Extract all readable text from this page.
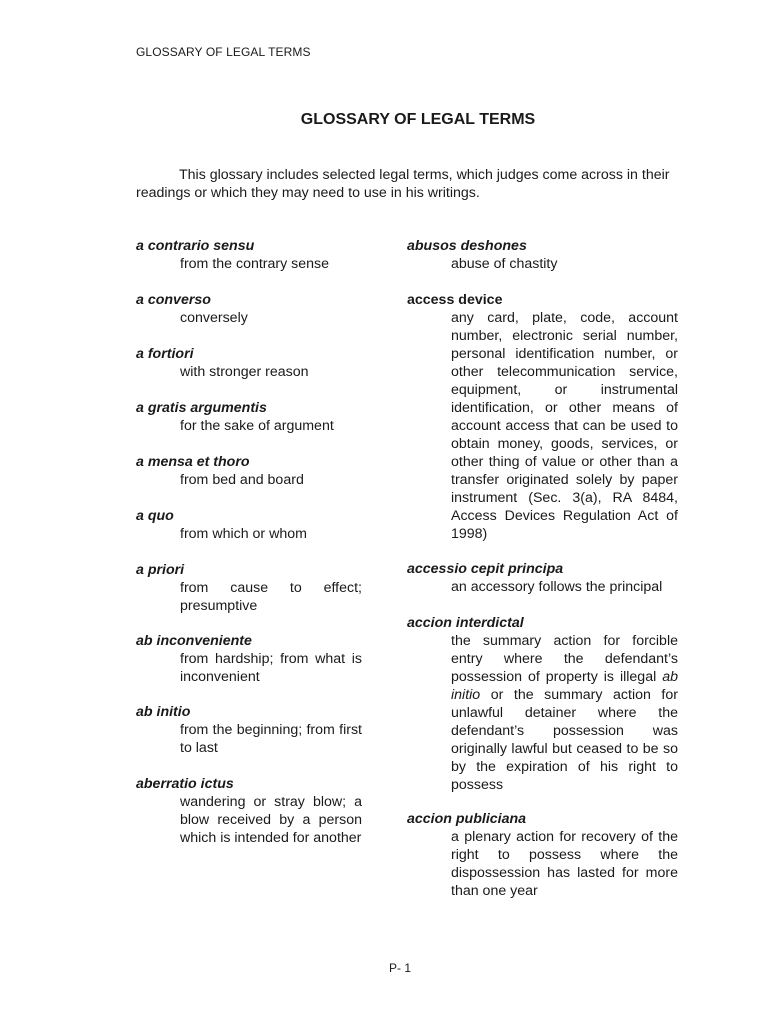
GLOSSARY OF LEGAL TERMS
GLOSSARY OF LEGAL TERMS
This glossary includes selected legal terms, which judges come across in their readings or which they may need to use in his writings.
a contrario sensu
from the contrary sense
a converso
conversely
a fortiori
with stronger reason
a gratis argumentis
for the sake of argument
a mensa et thoro
from bed and board
a quo
from which or whom
a priori
from cause to effect; presumptive
ab inconveniente
from hardship; from what is inconvenient
ab initio
from the beginning; from first to last
aberratio ictus
wandering or stray blow; a blow received by a person which is intended for another
abusos deshones
abuse of chastity
access device
any card, plate, code, account number, electronic serial number, personal identification number, or other telecommunication service, equipment, or instrumental identification, or other means of account access that can be used to obtain money, goods, services, or other thing of value or other than a transfer originated solely by paper instrument (Sec. 3(a), RA 8484, Access Devices Regulation Act of 1998)
accessio cepit principa
an accessory follows the principal
accion interdictal
the summary action for forcible entry where the defendant’s possession of property is illegal ab initio or the summary action for unlawful detainer where the defendant’s possession was originally lawful but ceased to be so by the expiration of his right to possess
accion publiciana
a plenary action for recovery of the right to possess where the dispossession has lasted for more than one year
P- 1
